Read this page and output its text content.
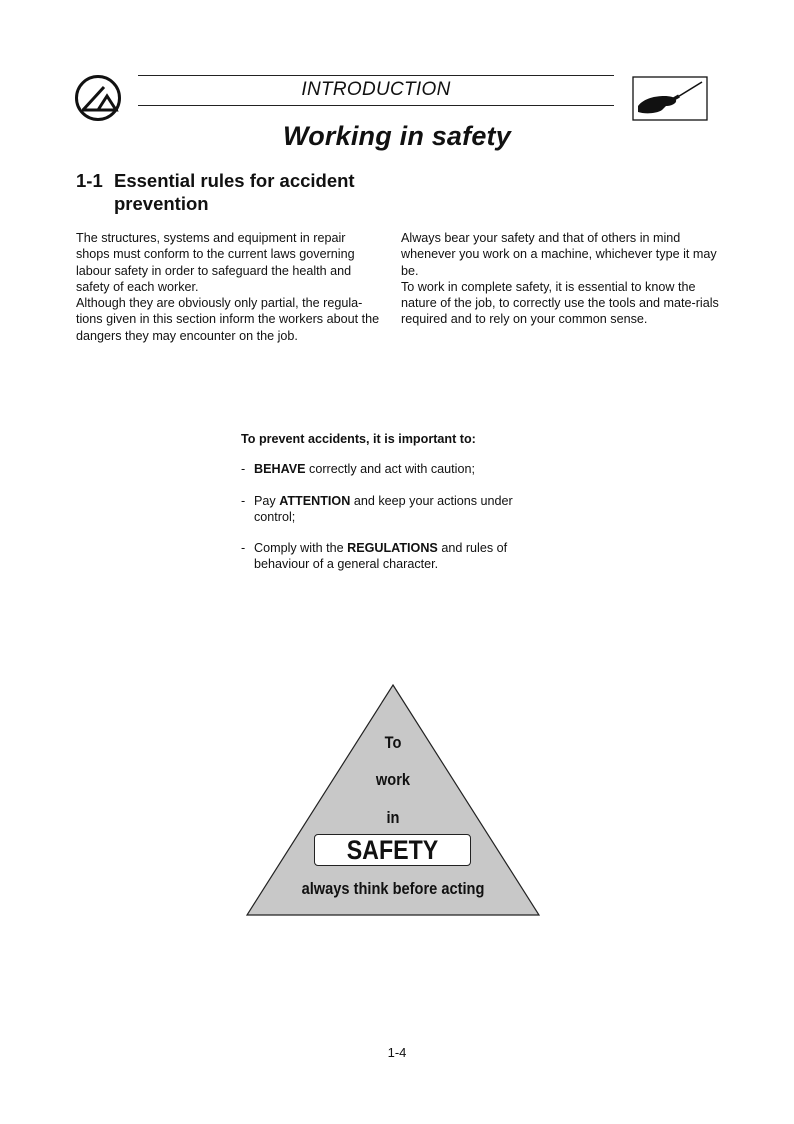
INTRODUCTION
Working in safety
1-1 Essential rules for accident prevention

The structures, systems and equipment in repair shops must conform to the current laws governing labour safety in order to safeguard the health and safety of each worker.

Although they are obviously only partial, the regula-tions given in this section inform the workers about the dangers they may encounter on the job.

Always bear your safety and that of others in mind whenever you work on a machine, whichever type it may be.

To work in complete safety, it is essential to know the nature of the job, to correctly use the tools and mate-rials required and to rely on your common sense.

To prevent accidents, it is important to:
- BEHAVE correctly and act with caution;
- Pay ATTENTION and keep your actions under control;
- Comply with the REGULATIONS and rules of behaviour of a general character.
To
work
in
SAFETY
always think before acting
1-4
